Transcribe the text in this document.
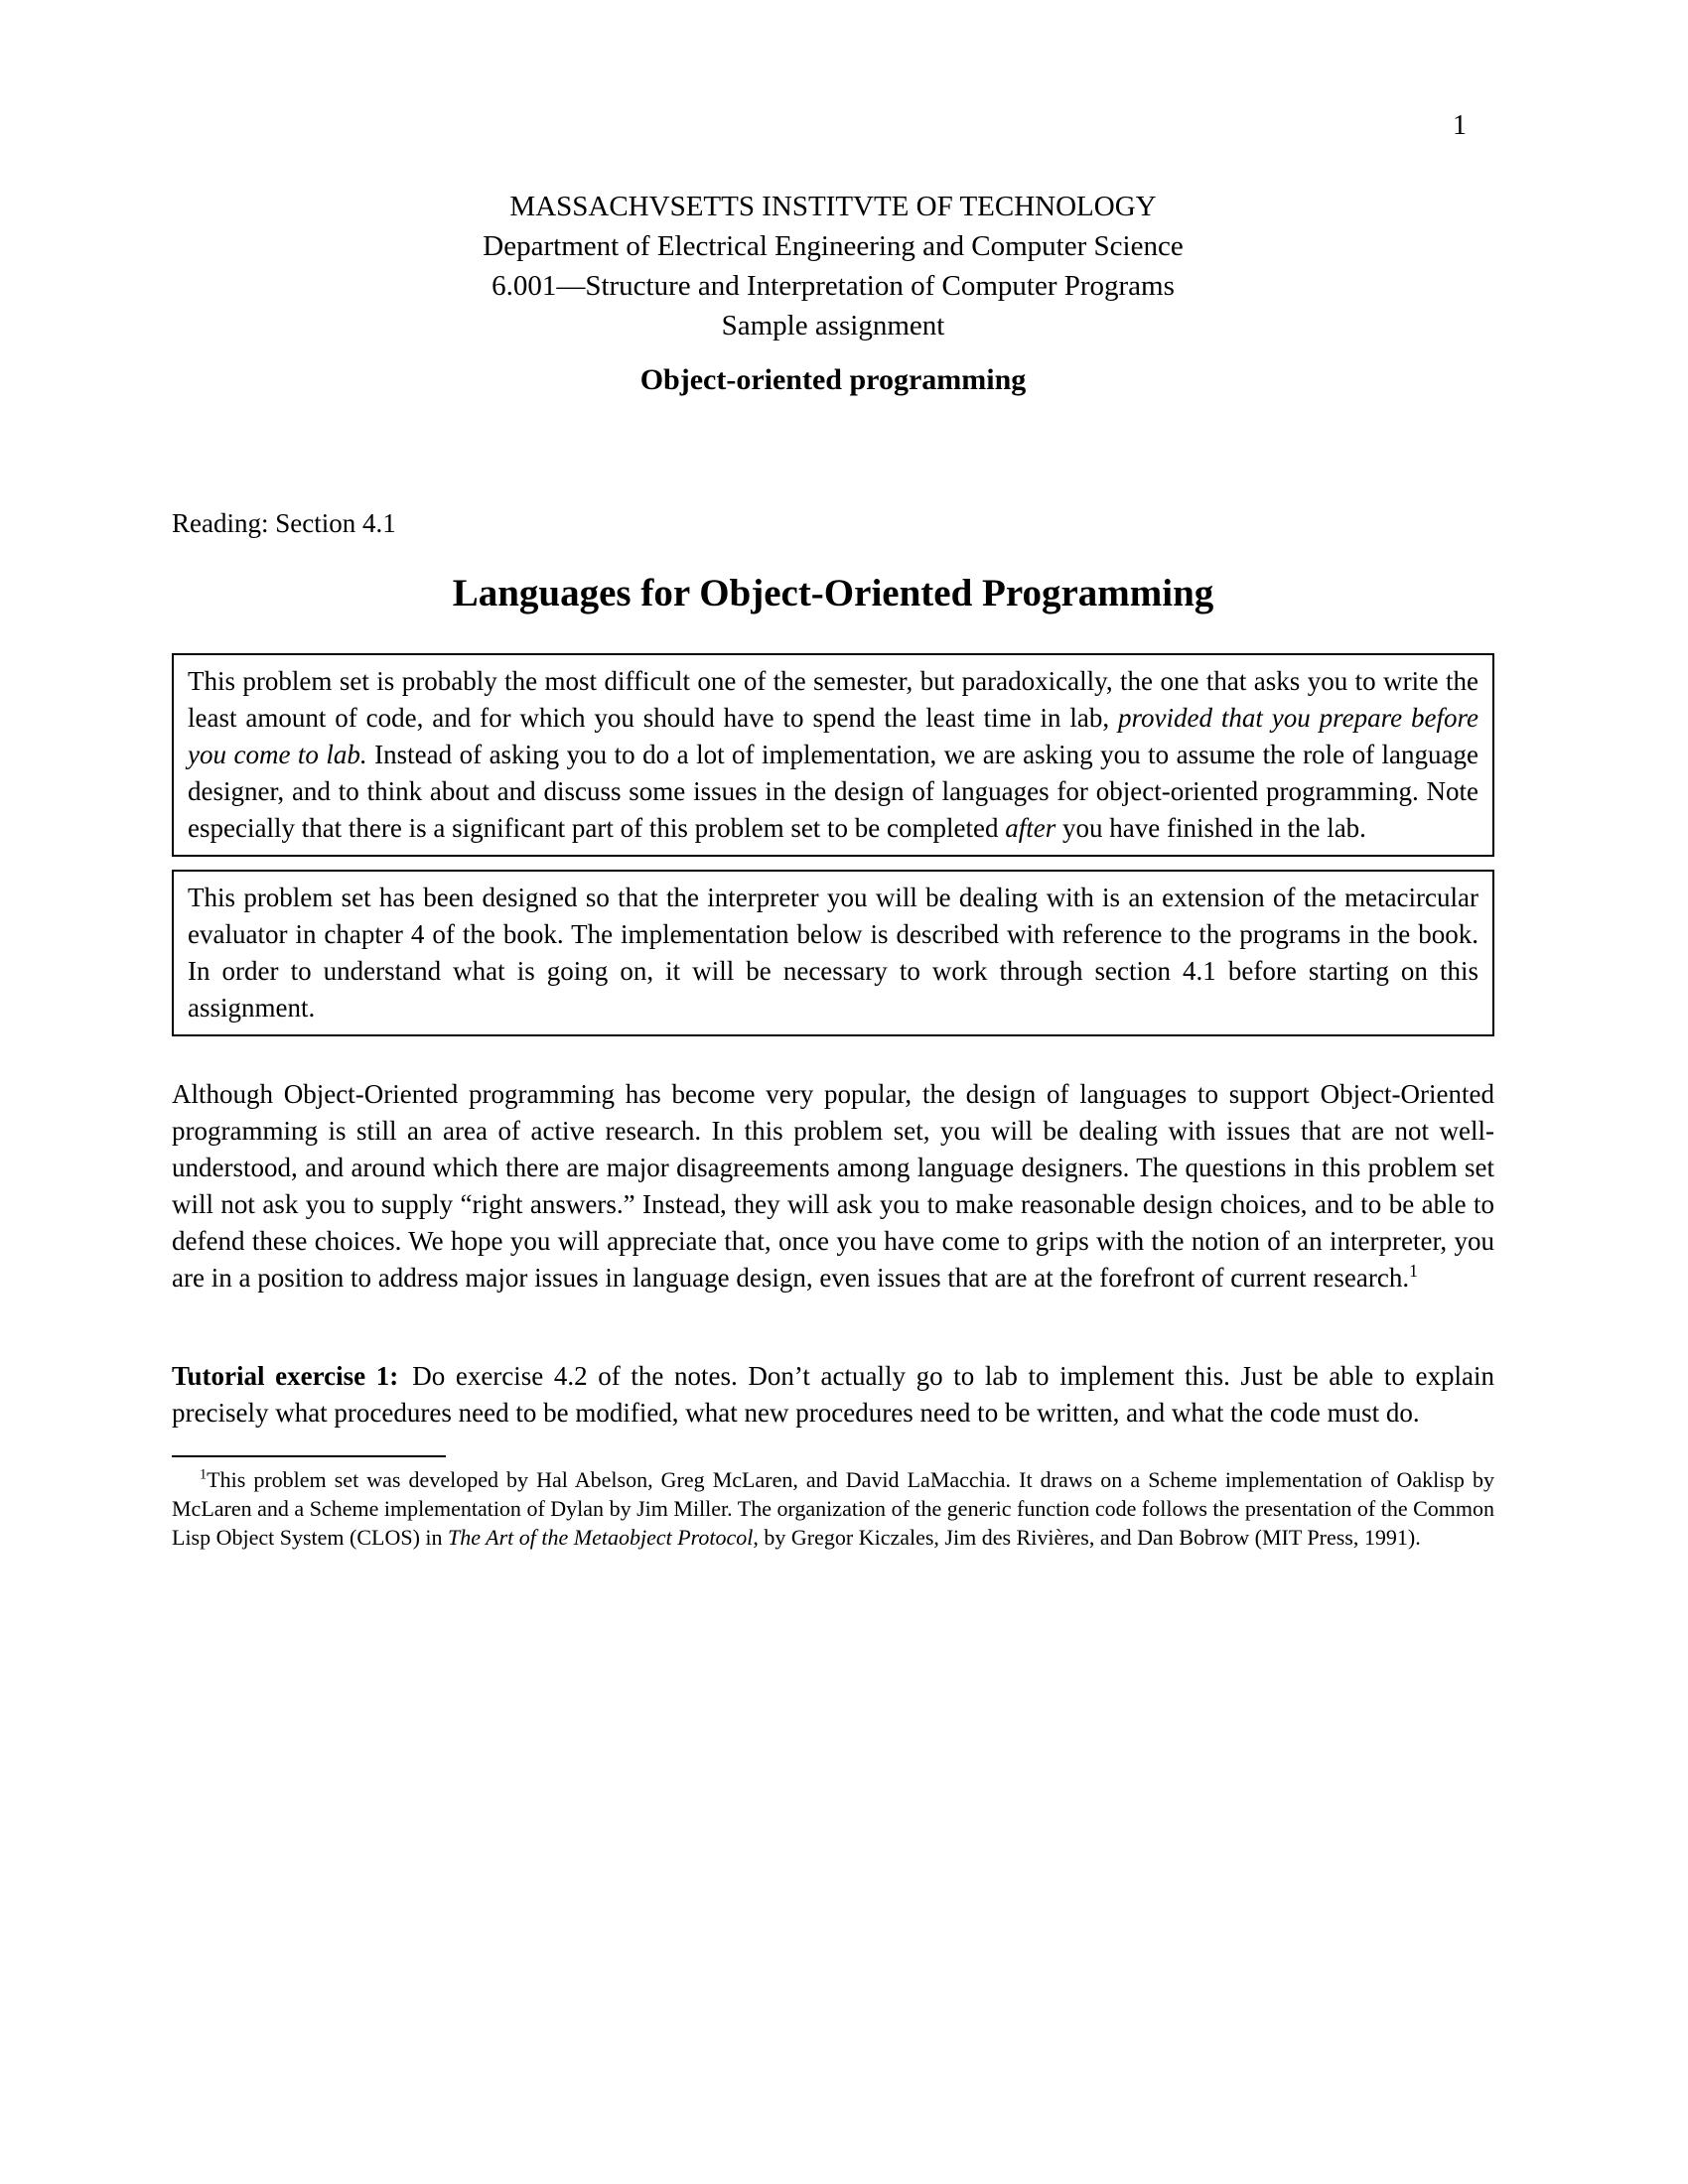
1
MASSACHVSETTS INSTITVTE OF TECHNOLOGY
Department of Electrical Engineering and Computer Science
6.001—Structure and Interpretation of Computer Programs
Sample assignment
Object-oriented programming
Reading: Section 4.1
Languages for Object-Oriented Programming

This problem set is probably the most difficult one of the semester, but paradoxically, the one that asks you to write the least amount of code, and for which you should have to spend the least time in lab, provided that you prepare before you come to lab. Instead of asking you to do a lot of implementation, we are asking you to assume the role of language designer, and to think about and discuss some issues in the design of languages for object-oriented programming. Note especially that there is a significant part of this problem set to be completed after you have finished in the lab.

This problem set has been designed so that the interpreter you will be dealing with is an extension of the metacircular evaluator in chapter 4 of the book. The implementation below is described with reference to the programs in the book. In order to understand what is going on, it will be necessary to work through section 4.1 before starting on this assignment.

Although Object-Oriented programming has become very popular, the design of languages to support Object-Oriented programming is still an area of active research. In this problem set, you will be dealing with issues that are not well-understood, and around which there are major disagreements among language designers. The questions in this problem set will not ask you to supply “right answers.” Instead, they will ask you to make reasonable design choices, and to be able to defend these choices. We hope you will appreciate that, once you have come to grips with the notion of an interpreter, you are in a position to address major issues in language design, even issues that are at the forefront of current research.$^1$

Tutorial exercise 1: Do exercise 4.2 of the notes. Don’t actually go to lab to implement this. Just be able to explain precisely what procedures need to be modified, what new procedures need to be written, and what the code must do.

$^1$This problem set was developed by Hal Abelson, Greg McLaren, and David LaMacchia. It draws on a Scheme implementation of Oaklisp by McLaren and a Scheme implementation of Dylan by Jim Miller. The organization of the generic function code follows the presentation of the Common Lisp Object System (CLOS) in The Art of the Metaobject Protocol, by Gregor Kiczales, Jim des Rivières, and Dan Bobrow (MIT Press, 1991).
